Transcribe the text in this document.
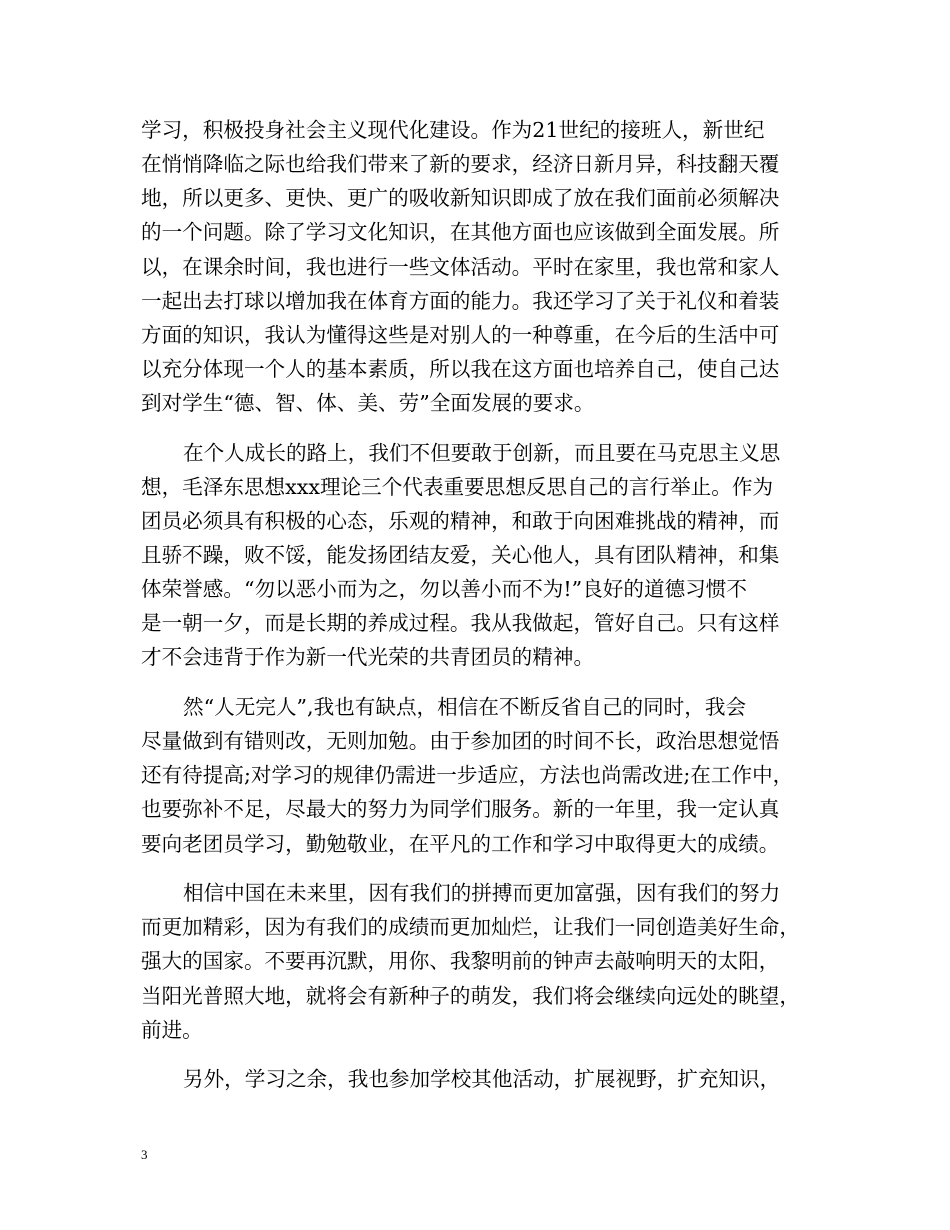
学习，积极投身社会主义现代化建设。作为21世纪的接班人，新世纪
在悄悄降临之际也给我们带来了新的要求，经济日新月异，科技翻天覆
地，所以更多、更快、更广的吸收新知识即成了放在我们面前必须解决
的一个问题。除了学习文化知识，在其他方面也应该做到全面发展。所
以，在课余时间，我也进行一些文体活动。平时在家里，我也常和家人
一起出去打球以增加我在体育方面的能力。我还学习了关于礼仪和着装
方面的知识，我认为懂得这些是对别人的一种尊重，在今后的生活中可
以充分体现一个人的基本素质，所以我在这方面也培养自己，使自己达
到对学生“德、智、体、美、劳”全面发展的要求。
在个人成长的路上，我们不但要敢于创新，而且要在马克思主义思
想，毛泽东思想xxx理论三个代表重要思想反思自己的言行举止。作为
团员必须具有积极的心态，乐观的精神，和敢于向困难挑战的精神，而
且骄不躁，败不馁，能发扬团结友爱，关心他人，具有团队精神，和集
体荣誉感。“勿以恶小而为之，勿以善小而不为!”良好的道德习惯不
是一朝一夕，而是长期的养成过程。我从我做起，管好自己。只有这样
才不会违背于作为新一代光荣的共青团员的精神。
然“人无完人”,我也有缺点，相信在不断反省自己的同时，我会
尽量做到有错则改，无则加勉。由于参加团的时间不长，政治思想觉悟
还有待提高;对学习的规律仍需进一步适应，方法也尚需改进;在工作中，
也要弥补不足，尽最大的努力为同学们服务。新的一年里，我一定认真
要向老团员学习，勤勉敬业，在平凡的工作和学习中取得更大的成绩。
相信中国在未来里，因有我们的拼搏而更加富强，因有我们的努力
而更加精彩，因为有我们的成绩而更加灿烂，让我们一同创造美好生命，
强大的国家。不要再沉默，用你、我黎明前的钟声去敲响明天的太阳，
当阳光普照大地，就将会有新种子的萌发，我们将会继续向远处的眺望，
前进。
另外，学习之余，我也参加学校其他活动，扩展视野，扩充知识，
3
